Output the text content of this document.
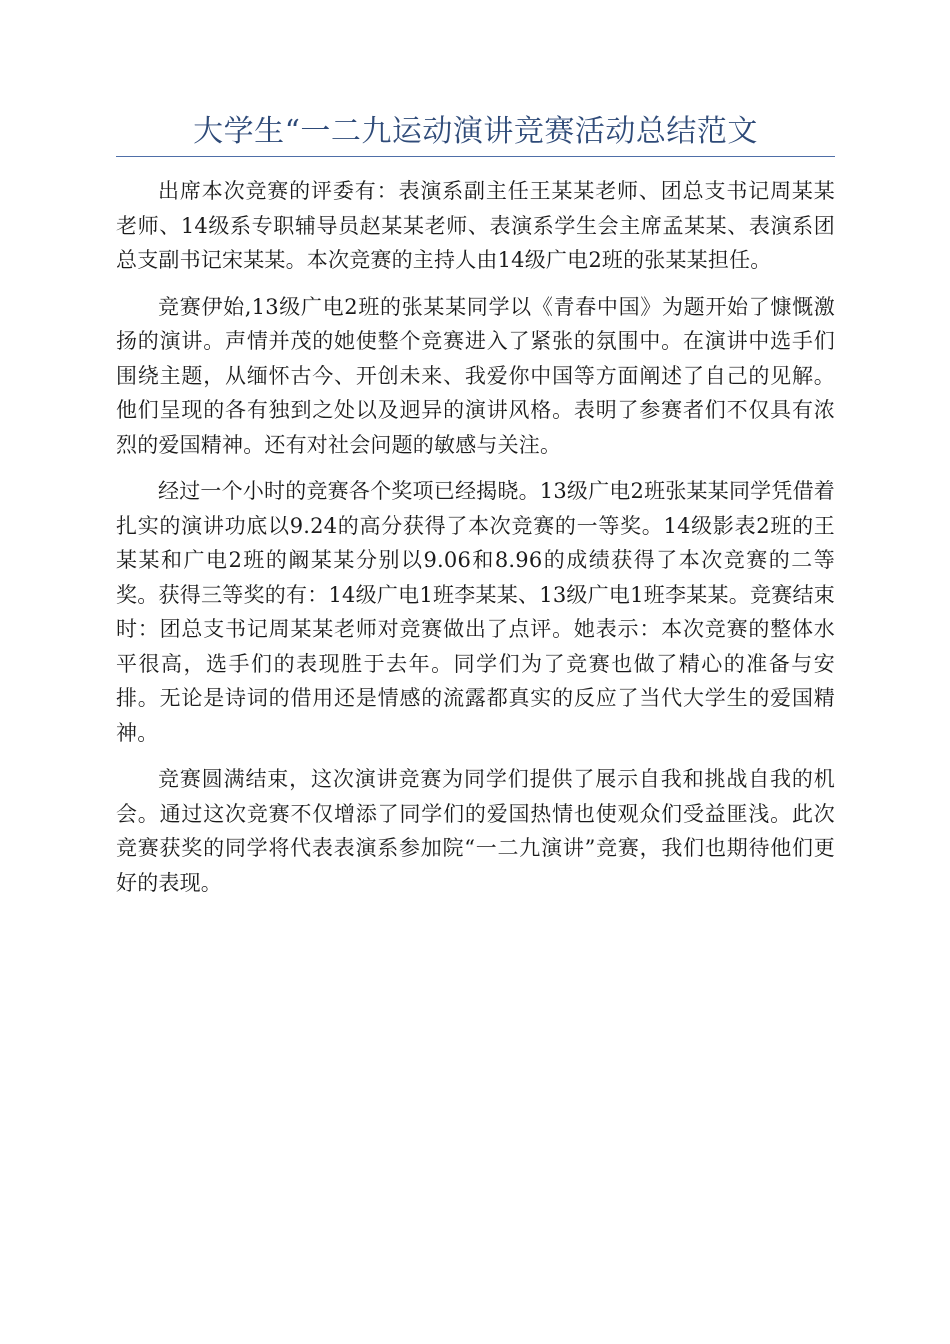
大学生“一二九运动演讲竞赛活动总结范文

出席本次竞赛的评委有：表演系副主任王某某老师、团总支书记周某某老师、14级系专职辅导员赵某某老师、表演系学生会主席孟某某、表演系团总支副书记宋某某。本次竞赛的主持人由14级广电2班的张某某担任。

竞赛伊始,13级广电2班的张某某同学以《青春中国》为题开始了慷慨激扬的演讲。声情并茂的她使整个竞赛进入了紧张的氛围中。在演讲中选手们围绕主题，从缅怀古今、开创未来、我爱你中国等方面阐述了自己的见解。他们呈现的各有独到之处以及迥异的演讲风格。表明了参赛者们不仅具有浓烈的爱国精神。还有对社会问题的敏感与关注。

经过一个小时的竞赛各个奖项已经揭晓。13级广电2班张某某同学凭借着扎实的演讲功底以9.24的高分获得了本次竞赛的一等奖。14级影表2班的王某某和广电2班的阚某某分别以9.06和8.96的成绩获得了本次竞赛的二等奖。获得三等奖的有：14级广电1班李某某、13级广电1班李某某。竞赛结束时：团总支书记周某某老师对竞赛做出了点评。她表示：本次竞赛的整体水平很高，选手们的表现胜于去年。同学们为了竞赛也做了精心的准备与安排。无论是诗词的借用还是情感的流露都真实的反应了当代大学生的爱国精神。

竞赛圆满结束，这次演讲竞赛为同学们提供了展示自我和挑战自我的机会。通过这次竞赛不仅增添了同学们的爱国热情也使观众们受益匪浅。此次竞赛获奖的同学将代表表演系参加院“一二九演讲”竞赛，我们也期待他们更好的表现。
